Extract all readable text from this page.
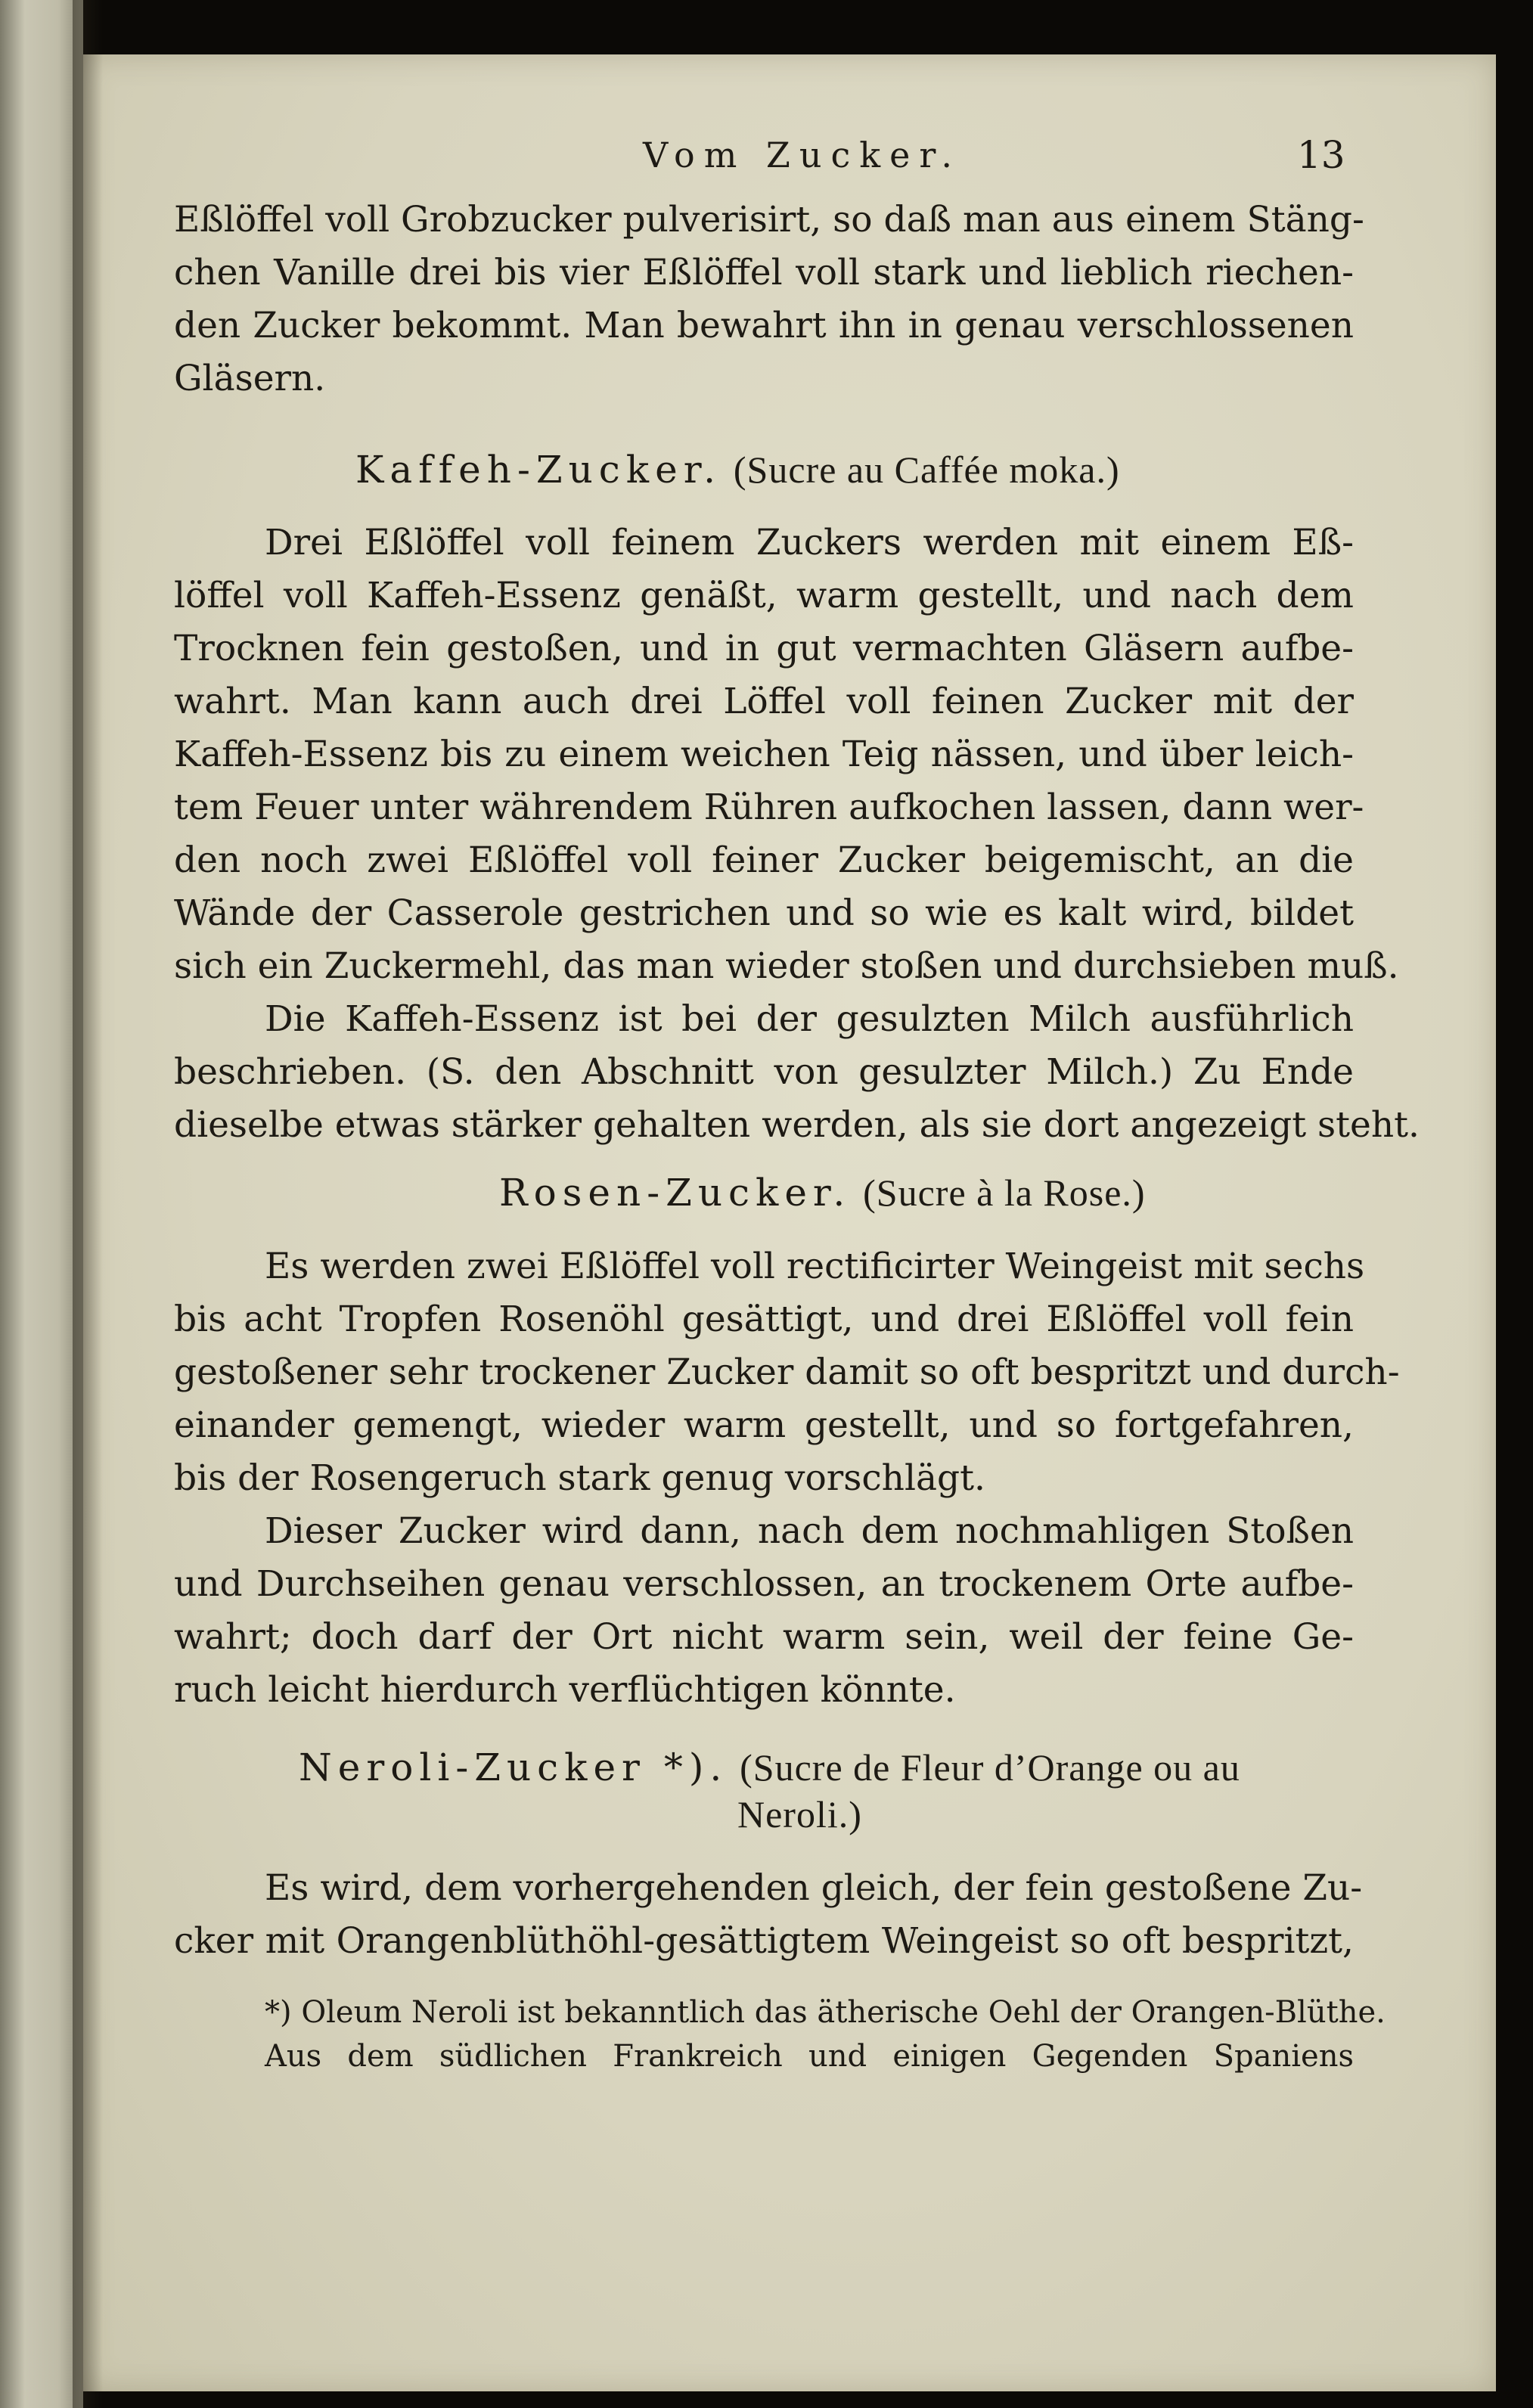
Vom Zucker.	13
Eßlöffel voll Grobzucker pulverisirt, so daß man aus einem Stäng-
chen Vanille drei bis vier Eßlöffel voll stark und lieblich riechen-
den Zucker bekommt. Man bewahrt ihn in genau verschlossenen
Gläsern.
Kaffeh-Zucker. (Sucre au Caffée moka.)
Drei Eßlöffel voll feinem Zuckers werden mit einem Eß-
löffel voll Kaffeh-Essenz genäßt, warm gestellt, und nach dem
Trocknen fein gestoßen, und in gut vermachten Gläsern aufbe-
wahrt. Man kann auch drei Löffel voll feinen Zucker mit der
Kaffeh-Essenz bis zu einem weichen Teig nässen, und über leich-
tem Feuer unter währendem Rühren aufkochen lassen, dann wer-
den noch zwei Eßlöffel voll feiner Zucker beigemischt, an die
Wände der Casserole gestrichen und so wie es kalt wird, bildet
sich ein Zuckermehl, das man wieder stoßen und durchsieben muß.
Die Kaffeh-Essenz ist bei der gesulzten Milch ausführlich
beschrieben. (S. den Abschnitt von gesulzter Milch.) Zu Ende
dieselbe etwas stärker gehalten werden, als sie dort angezeigt steht.
Rosen-Zucker. (Sucre à la Rose.)
Es werden zwei Eßlöffel voll rectificirter Weingeist mit sechs
bis acht Tropfen Rosenöhl gesättigt, und drei Eßlöffel voll fein
gestoßener sehr trockener Zucker damit so oft bespritzt und durch-
einander gemengt, wieder warm gestellt, und so fortgefahren,
bis der Rosengeruch stark genug vorschlägt.
Dieser Zucker wird dann, nach dem nochmahligen Stoßen
und Durchseihen genau verschlossen, an trockenem Orte aufbe-
wahrt; doch darf der Ort nicht warm sein, weil der feine Ge-
ruch leicht hierdurch verflüchtigen könnte.
Neroli-Zucker *). (Sucre de Fleur d’Orange ou au
Neroli.)
Es wird, dem vorhergehenden gleich, der fein gestoßene Zu-
cker mit Orangenblüthöhl-gesättigtem Weingeist so oft bespritzt,
*) Oleum Neroli ist bekanntlich das ätherische Oehl der Orangen-Blüthe.
Aus dem südlichen Frankreich und einigen Gegenden Spaniens
